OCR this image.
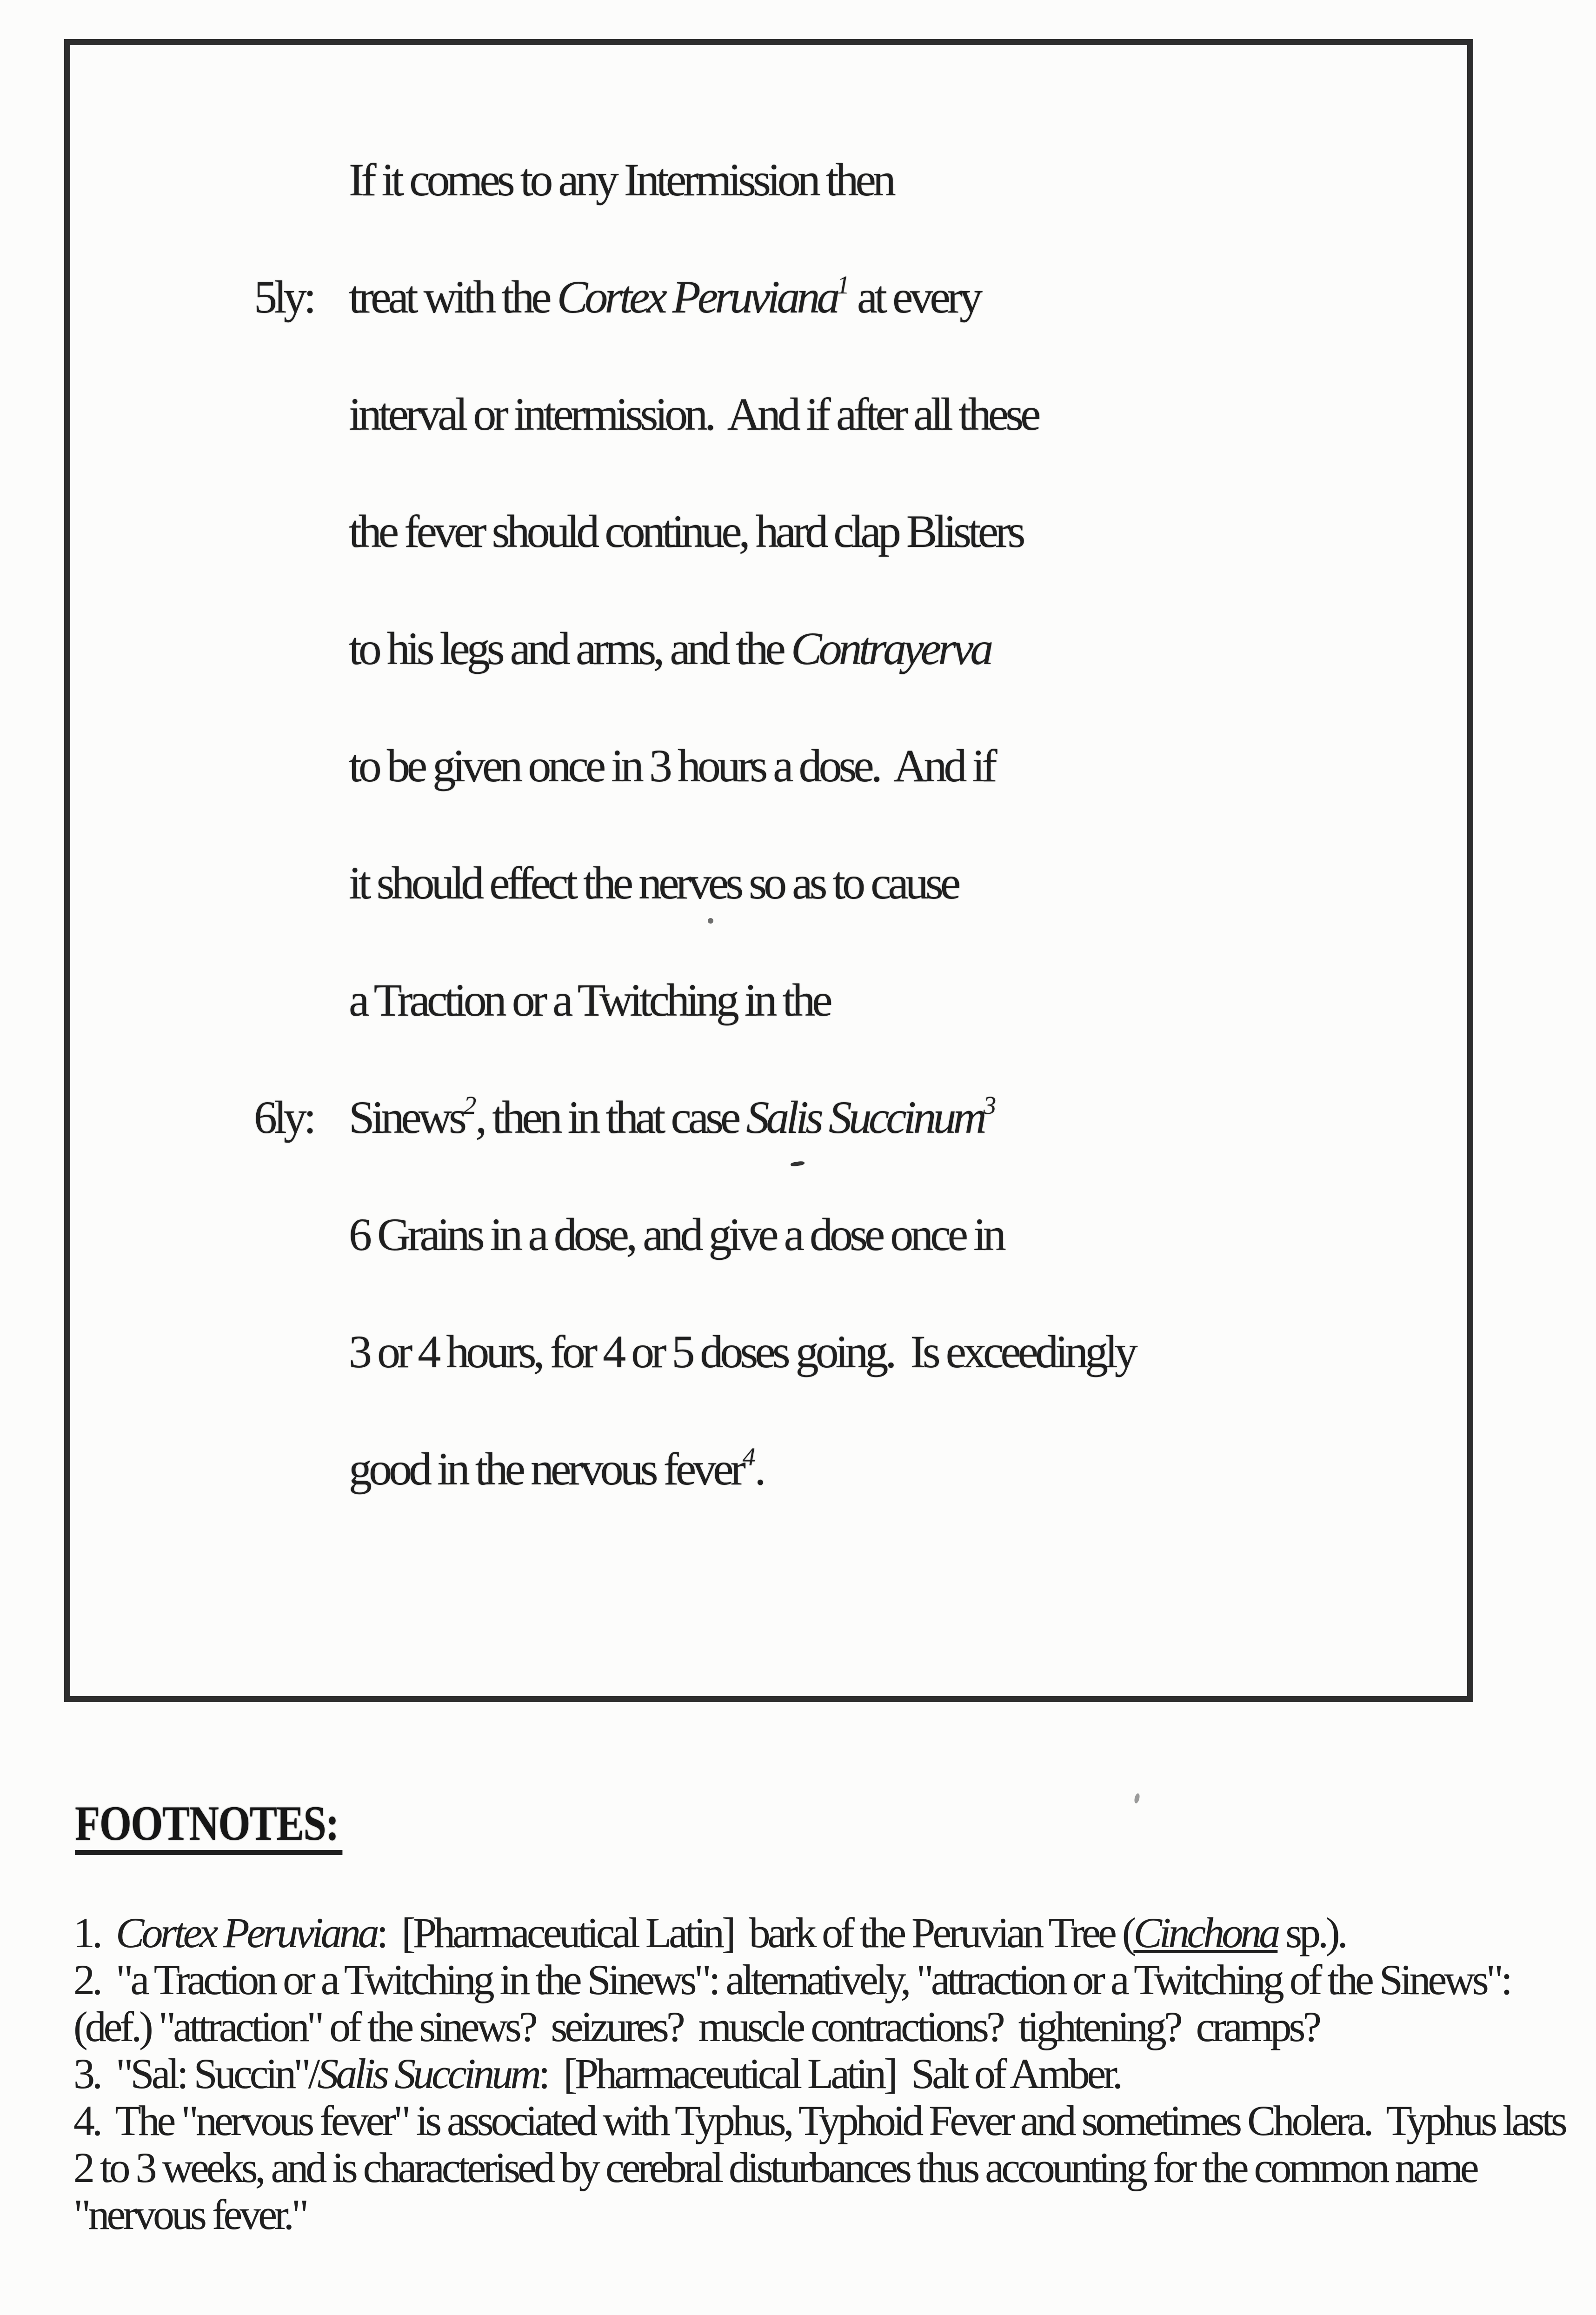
If it comes to any Intermission then
5ly: treat with the Cortex Peruviana$^1$ at every
interval or intermission.  And if after all these
the fever should continue, hard clap Blisters
to his legs and arms, and the Contrayerva
to be given once in 3 hours a dose.  And if
it should effect the nerves so as to cause
a Traction or a Twitching in the
6ly: Sinews$^2$, then in that case Salis Succinum$^3$
6 Grains in a dose, and give a dose once in
3 or 4 hours, for 4 or 5 doses going.  Is exceedingly
good in the nervous fever$^4$.
FOOTNOTES:

1.  Cortex Peruviana:  [Pharmaceutical Latin]  bark of the Peruvian Tree (Cinchona sp.).

2.  "a Traction or a Twitching in the Sinews": alternatively, "attraction or a Twitching of the Sinews":  (def.) "attraction" of the sinews?  seizures?  muscle contractions?  tightening?  cramps?

3.  "Sal: Succin"/Salis Succinum:  [Pharmaceutical Latin]  Salt of Amber.

4.  The "nervous fever" is associated with Typhus, Typhoid Fever and sometimes Cholera.  Typhus lasts 2 to 3 weeks, and is characterised by cerebral disturbances thus accounting for the common name "nervous fever."
